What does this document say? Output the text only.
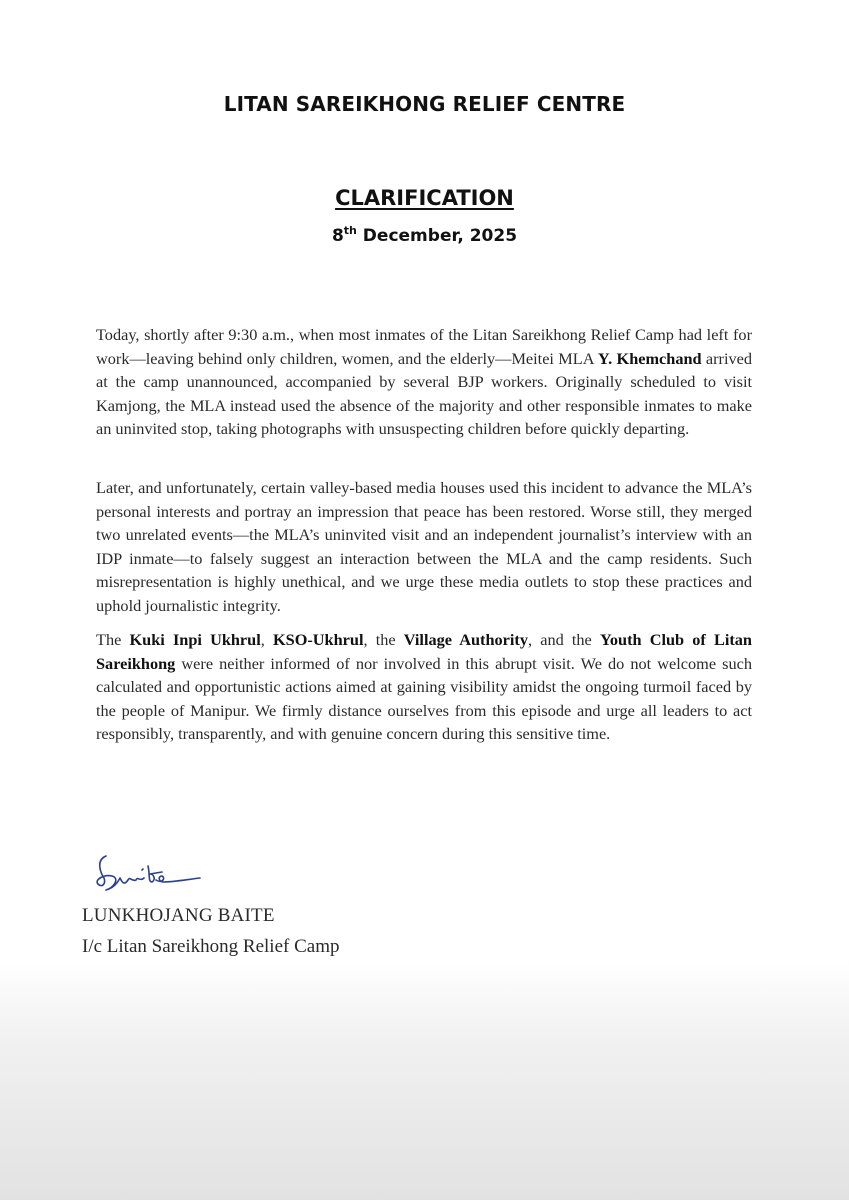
LITAN SAREIKHONG RELIEF CENTRE
CLARIFICATION
8th December, 2025

Today, shortly after 9:30 a.m., when most inmates of the Litan Sareikhong Relief Camp had left for work—leaving behind only children, women, and the elderly—Meitei MLA Y. Khemchand arrived at the camp unannounced, accompanied by several BJP workers. Originally scheduled to visit Kamjong, the MLA instead used the absence of the majority and other responsible inmates to make an uninvited stop, taking photographs with unsuspecting children before quickly departing.

Later, and unfortunately, certain valley-based media houses used this incident to advance the MLA’s personal interests and portray an impression that peace has been restored. Worse still, they merged two unrelated events—the MLA’s uninvited visit and an independent journalist’s interview with an IDP inmate—to falsely suggest an interaction between the MLA and the camp residents. Such misrepresentation is highly unethical, and we urge these media outlets to stop these practices and uphold journalistic integrity.

The Kuki Inpi Ukhrul, KSO-Ukhrul, the Village Authority, and the Youth Club of Litan Sareikhong were neither informed of nor involved in this abrupt visit. We do not welcome such calculated and opportunistic actions aimed at gaining visibility amidst the ongoing turmoil faced by the people of Manipur. We firmly distance ourselves from this episode and urge all leaders to act responsibly, transparently, and with genuine concern during this sensitive time.

LUNKHOJANG BAITE
I/c Litan Sareikhong Relief Camp
